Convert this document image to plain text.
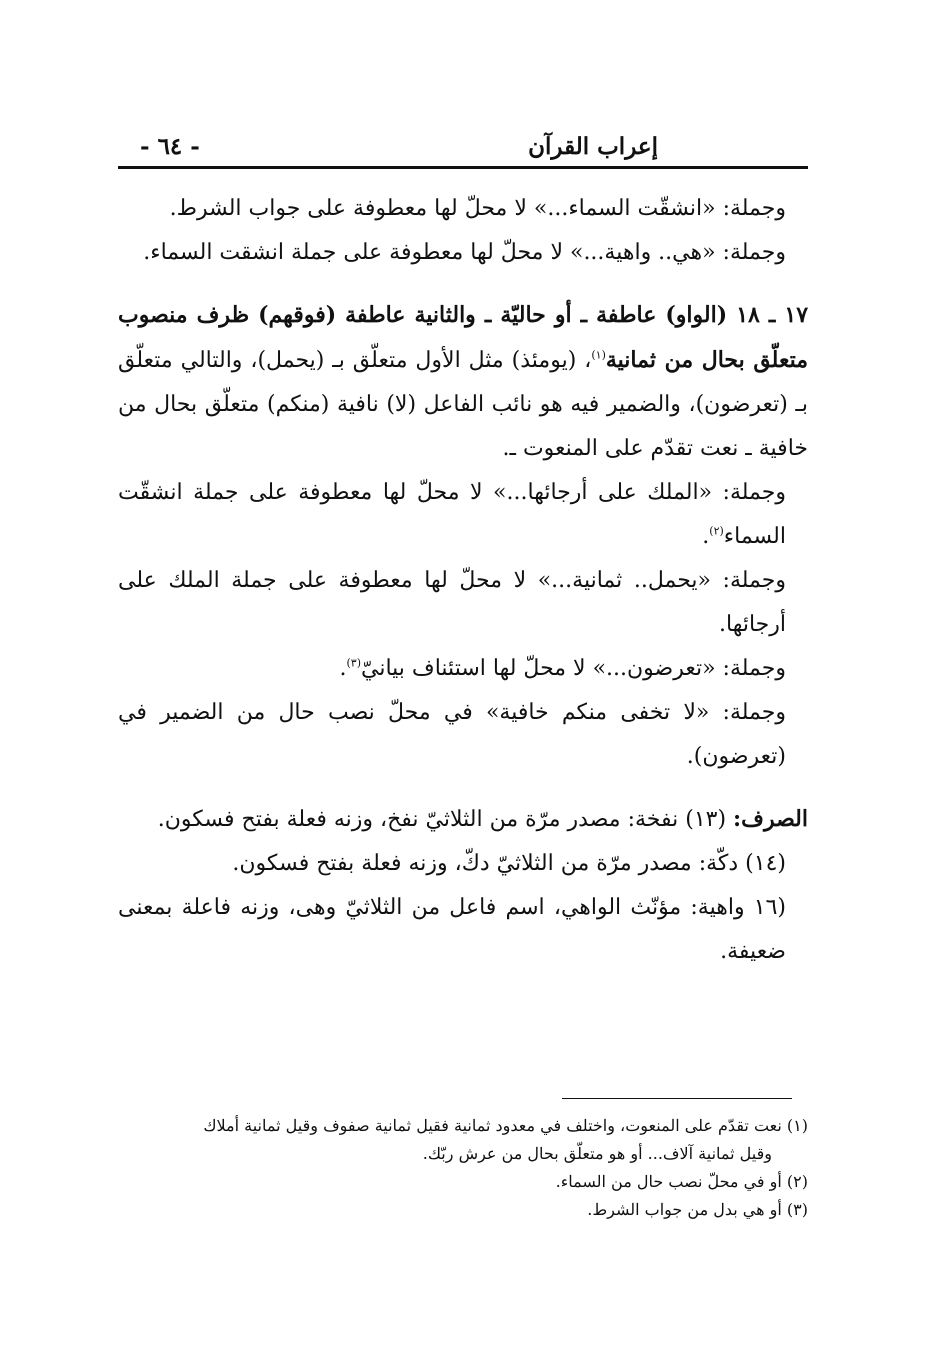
إعراب القرآن
- ٦٤ -

وجملة: «انشقّت السماء...» لا محلّ لها معطوفة على جواب الشرط.

وجملة: «هي.. واهية...» لا محلّ لها معطوفة على جملة انشقت السماء.

١٧ ـ ١٨ (الواو) عاطفة ـ أو حاليّة ـ والثانية عاطفة (فوقهم) ظرف منصوب متعلّق بحال من ثمانية$^{(١)}$، (يومئذ) مثل الأول متعلّق بـ (يحمل)، والتالي متعلّق بـ (تعرضون)، والضمير فيه هو نائب الفاعل (لا) نافية (منكم) متعلّق بحال من خافية ـ نعت تقدّم على المنعوت ـ.

وجملة: «الملك على أرجائها...» لا محلّ لها معطوفة على جملة انشقّت السماء$^{(٢)}$.

وجملة: «يحمل.. ثمانية...» لا محلّ لها معطوفة على جملة الملك على أرجائها.

وجملة: «تعرضون...» لا محلّ لها استئناف بيانيّ$^{(٣)}$.

وجملة: «لا تخفى منكم خافية» في محلّ نصب حال من الضمير في (تعرضون).

الصرف: (١٣) نفخة: مصدر مرّة من الثلاثيّ نفخ، وزنه فعلة بفتح فسكون.

(١٤) دكّة: مصدر مرّة من الثلاثيّ دكّ، وزنه فعلة بفتح فسكون.

(١٦ واهية: مؤنّث الواهي، اسم فاعل من الثلاثيّ وهى، وزنه فاعلة بمعنى ضعيفة.

(١) نعت تقدّم على المنعوت، واختلف في معدود ثمانية فقيل ثمانية صفوف وقيل ثمانية أملاك

وقيل ثمانية آلاف... أو هو متعلّق بحال من عرش ربّك.

(٢) أو في محلّ نصب حال من السماء.

(٣) أو هي بدل من جواب الشرط.
